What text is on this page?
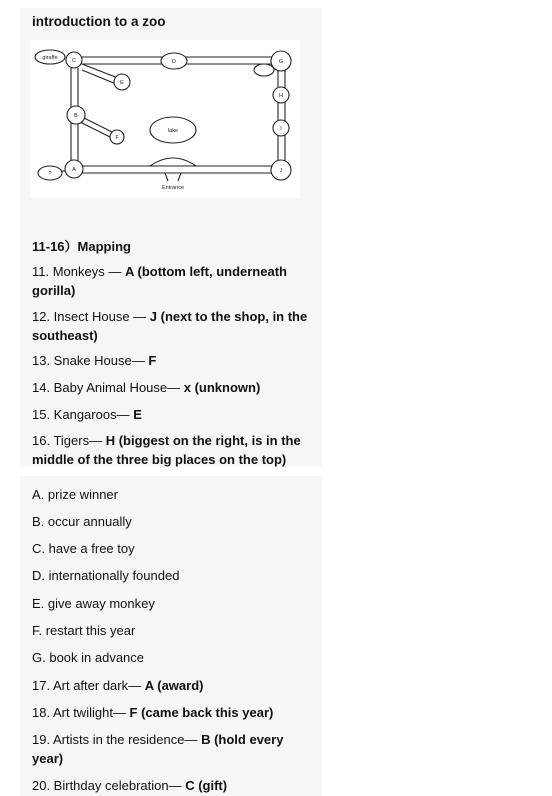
introduction to a zoo
giraffe	C	D	G
E
H
B
F
I
lake
?
A	J
Entrance
11-16）Mapping
11. Monkeys — A (bottom left, underneath gorilla)
12. Insect House — J (next to the shop, in the southeast)
13. Snake House— F
14. Baby Animal House— x (unknown)
15. Kangaroos— E
16. Tigers— H (biggest on the right, is in the middle of the three big places on the top)
A. prize winner
B. occur annually
C. have a free toy
D. internationally founded
E. give away monkey
F. restart this year
G. book in advance
17. Art after dark— A (award)
18. Art twilight— F (came back this year)
19. Artists in the residence— B (hold every year)
20. Birthday celebration— C (gift)
